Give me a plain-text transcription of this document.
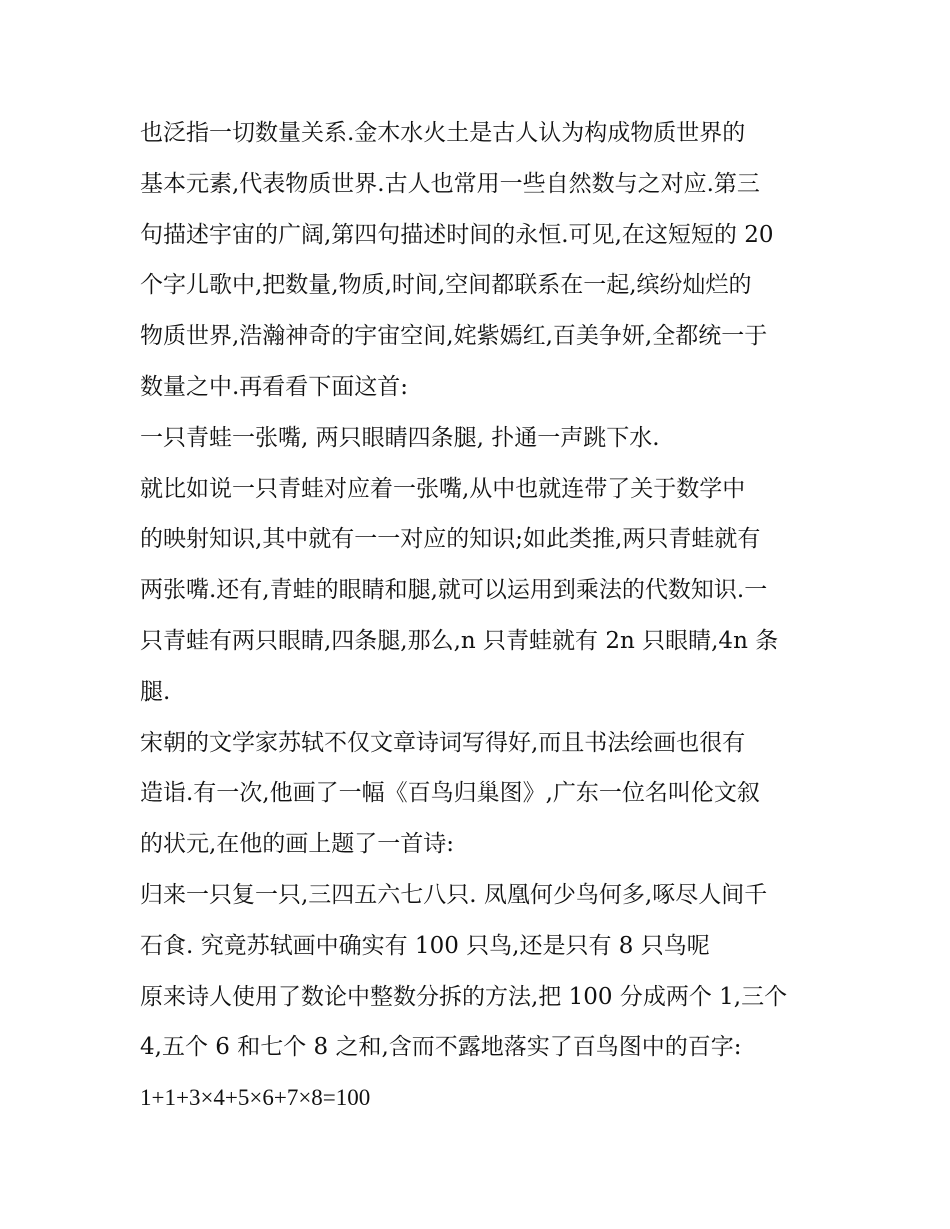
也泛指一切数量关系.金木水火土是古人认为构成物质世界的
基本元素,代表物质世界.古人也常用一些自然数与之对应.第三
句描述宇宙的广阔,第四句描述时间的永恒.可见,在这短短的 20
个字儿歌中,把数量,物质,时间,空间都联系在一起,缤纷灿烂的
物质世界,浩瀚神奇的宇宙空间,姹紫嫣红,百美争妍,全都统一于
数量之中.再看看下面这首:
一只青蛙一张嘴, 两只眼睛四条腿, 扑通一声跳下水.
就比如说一只青蛙对应着一张嘴,从中也就连带了关于数学中
的映射知识,其中就有一一对应的知识;如此类推,两只青蛙就有
两张嘴.还有,青蛙的眼睛和腿,就可以运用到乘法的代数知识.一
只青蛙有两只眼睛,四条腿,那么,n 只青蛙就有 2n 只眼睛,4n 条
腿.
宋朝的文学家苏轼不仅文章诗词写得好,而且书法绘画也很有
造诣.有一次,他画了一幅《百鸟归巢图》,广东一位名叫伦文叙
的状元,在他的画上题了一首诗:
归来一只复一只,三四五六七八只. 凤凰何少鸟何多,啄尽人间千
石食. 究竟苏轼画中确实有 100 只鸟,还是只有 8 只鸟呢
原来诗人使用了数论中整数分拆的方法,把 100 分成两个 1,三个
4,五个 6 和七个 8 之和,含而不露地落实了百鸟图中的百字:
1+1+3×4+5×6+7×8=100
